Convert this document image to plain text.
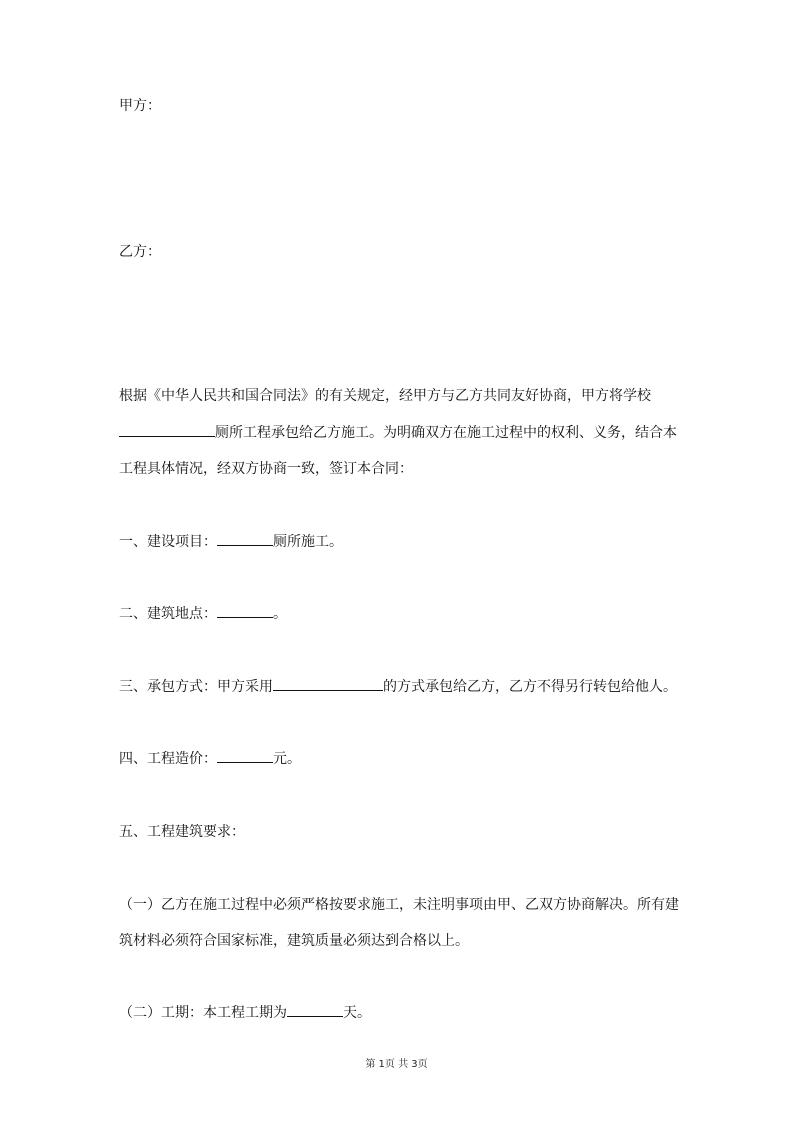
甲方：
乙方：
根据《中华人民共和国合同法》的有关规定，经甲方与乙方共同友好协商，甲方将学校
厕所工程承包给乙方施工。为明确双方在施工过程中的权利、义务，结合本
工程具体情况，经双方协商一致，签订本合同：
一、建设项目：	厕所施工。
二、建筑地点：	。
三、承包方式：甲方采用	的方式承包给乙方，乙方不得另行转包给他人。
四、工程造价：	元。
五、工程建筑要求：
（一）乙方在施工过程中必须严格按要求施工，未注明事项由甲、乙双方协商解决。所有建
筑材料必须符合国家标准，建筑质量必须达到合格以上。
（二）工期：本工程工期为	天。
第 1页 共 3页
